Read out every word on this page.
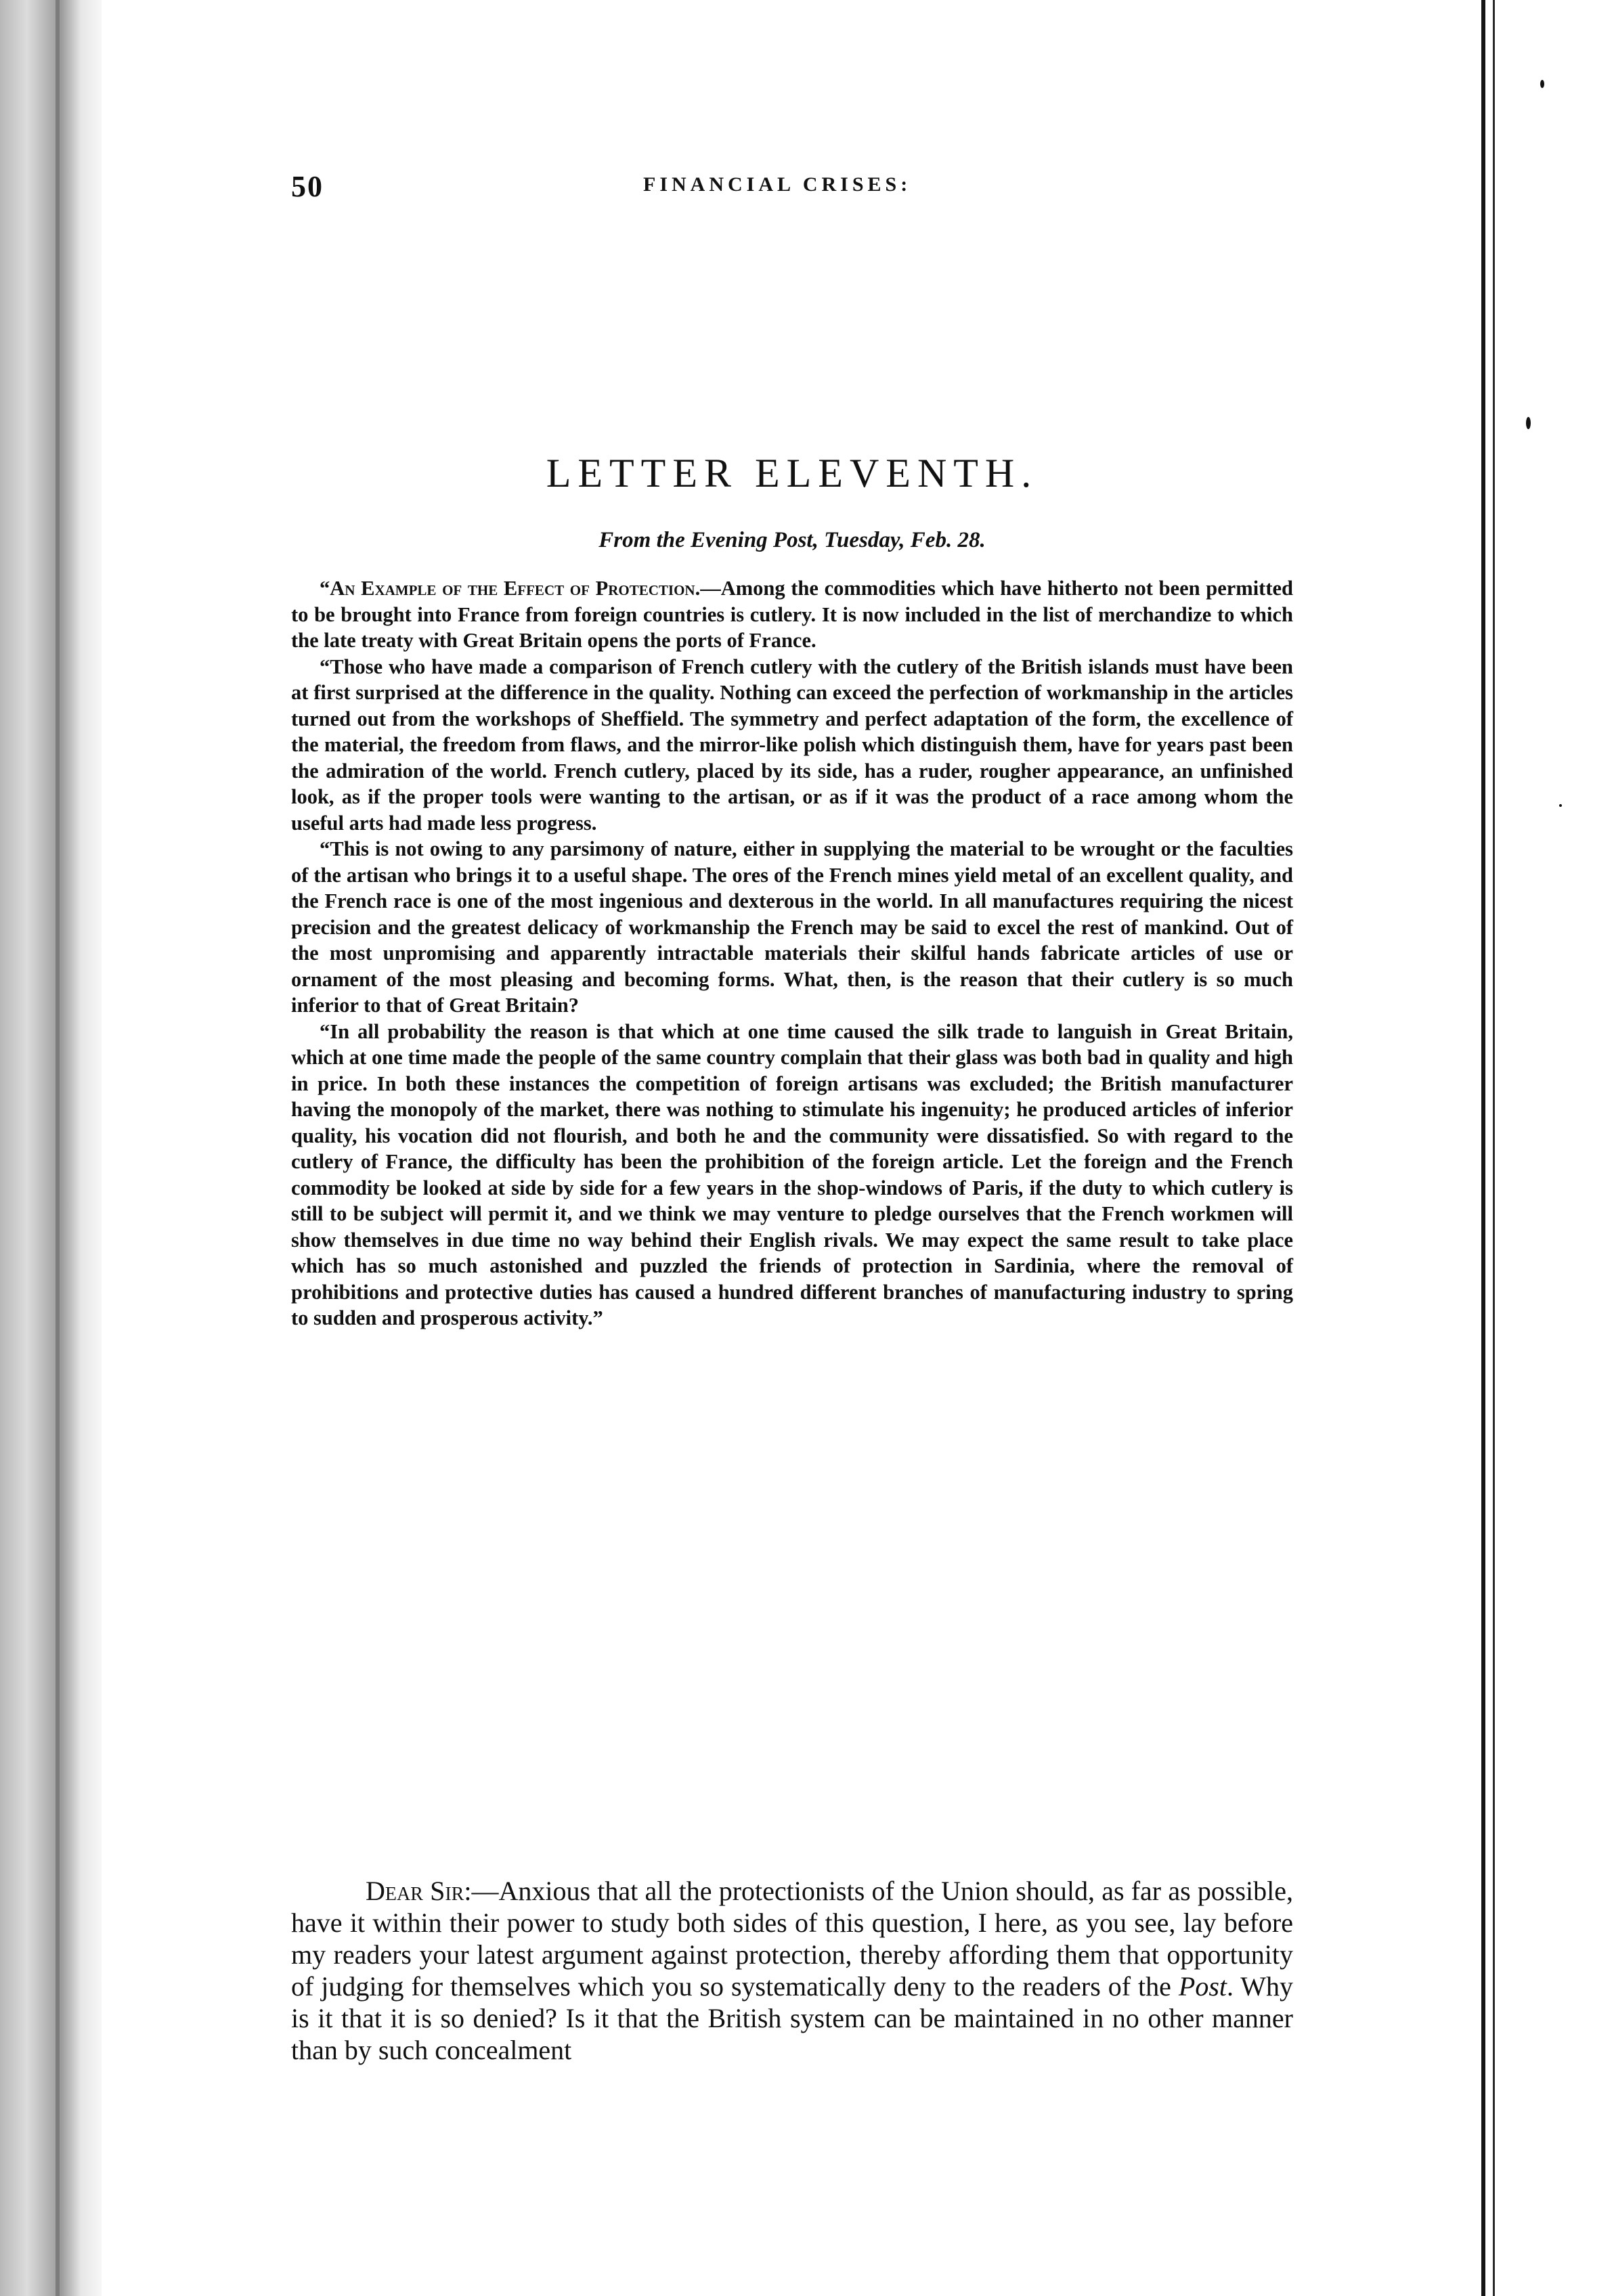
50	FINANCIAL CRISES:
LETTER ELEVENTH.
From the Evening Post, Tuesday, Feb. 28.

“An Example of the Effect of Protection.—Among the commodities which have hitherto not been permitted to be brought into France from foreign countries is cutlery. It is now included in the list of merchandize to which the late treaty with Great Britain opens the ports of France.

“Those who have made a comparison of French cutlery with the cutlery of the British islands must have been at first surprised at the difference in the quality. Nothing can exceed the perfection of workmanship in the articles turned out from the workshops of Sheffield. The symmetry and perfect adaptation of the form, the excellence of the material, the freedom from flaws, and the mirror-like polish which distinguish them, have for years past been the admiration of the world. French cutlery, placed by its side, has a ruder, rougher appearance, an unfinished look, as if the proper tools were wanting to the artisan, or as if it was the product of a race among whom the useful arts had made less progress.

“This is not owing to any parsimony of nature, either in supplying the material to be wrought or the faculties of the artisan who brings it to a useful shape. The ores of the French mines yield metal of an excellent quality, and the French race is one of the most ingenious and dexterous in the world. In all manufactures requiring the nicest precision and the greatest delicacy of workmanship the French may be said to excel the rest of mankind. Out of the most unpromising and apparently intractable materials their skilful hands fabricate articles of use or ornament of the most pleasing and becoming forms. What, then, is the reason that their cutlery is so much inferior to that of Great Britain?

“In all probability the reason is that which at one time caused the silk trade to languish in Great Britain, which at one time made the people of the same country complain that their glass was both bad in quality and high in price. In both these instances the competition of foreign artisans was excluded; the British manufacturer having the monopoly of the market, there was nothing to stimulate his ingenuity; he produced articles of inferior quality, his vocation did not flourish, and both he and the community were dissatisfied. So with regard to the cutlery of France, the difficulty has been the prohibition of the foreign article. Let the foreign and the French commodity be looked at side by side for a few years in the shop-windows of Paris, if the duty to which cutlery is still to be subject will permit it, and we think we may venture to pledge ourselves that the French workmen will show themselves in due time no way behind their English rivals. We may expect the same result to take place which has so much astonished and puzzled the friends of protection in Sardinia, where the removal of prohibitions and protective duties has caused a hundred different branches of manufacturing industry to spring to sudden and prosperous activity.”

Dear Sir:—Anxious that all the protectionists of the Union should, as far as possible, have it within their power to study both sides of this question, I here, as you see, lay before my readers your latest argument against protection, thereby affording them that opportunity of judging for themselves which you so systematically deny to the readers of the Post. Why is it that it is so denied? Is it that the British system can be maintained in no other manner than by such concealment
